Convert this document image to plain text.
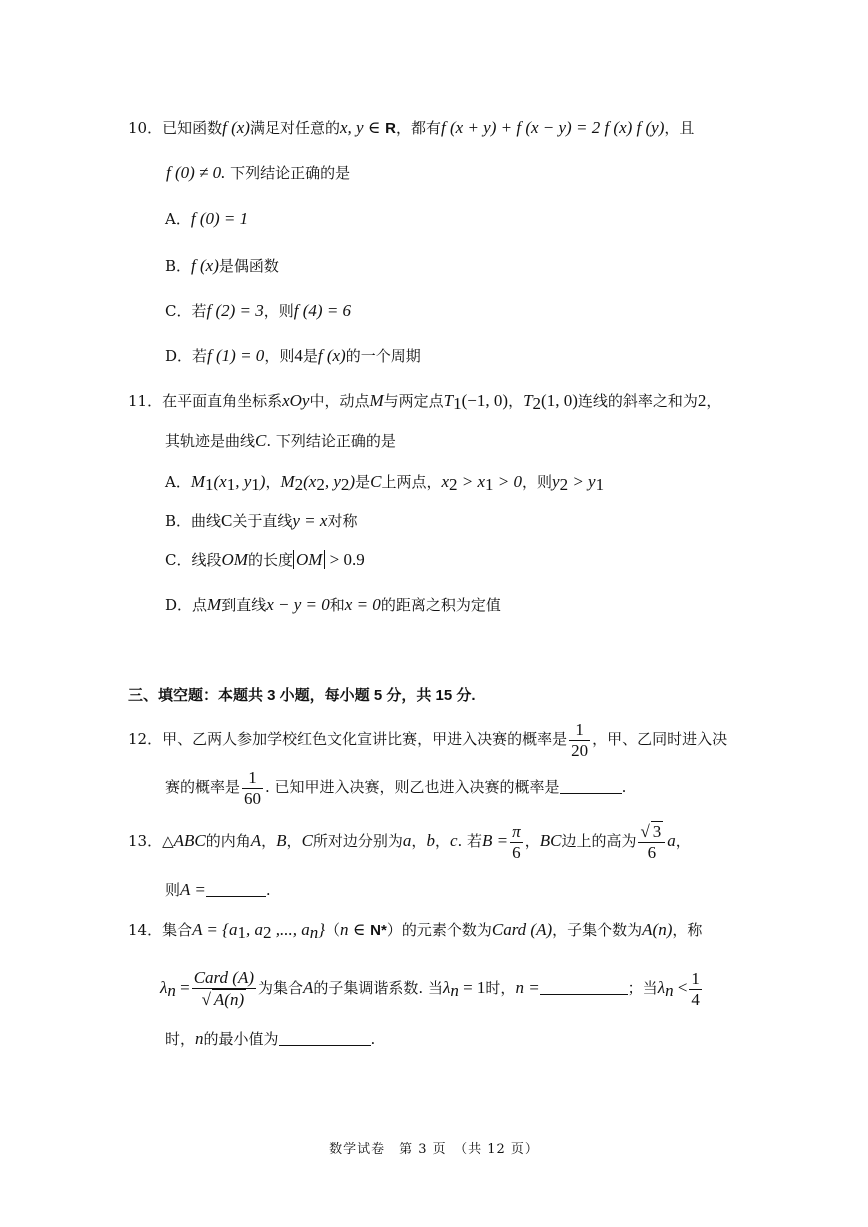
10．已知函数f (x)满足对任意的x, y ∈ R，都有f (x + y) + f (x − y) = 2 f (x) f (y)，且
f (0) ≠ 0. 下列结论正确的是
A．f (0) = 1
B．f (x)是偶函数
C．若f (2) = 3，则f (4) = 6
D．若f (1) = 0，则4是f (x)的一个周期
11．在平面直角坐标系xOy中，动点M与两定点$T_1(-1$, 0)，$T_2(1$, 0)连线的斜率之和为2，
其轨迹是曲线C. 下列结论正确的是
A．$M_1(x_1$, $y_1$)，$M_2(x_2$, $y_2$)是C上两点，$x_2 > x_1 > 0$，则$y_2 > y_1$
B．曲线C关于直线y = x对称
C．线段OM的长度 OM > 0.9
D．点M到直线x − y = 0和x = 0的距离之积为定值
三、填空题：本题共 3 小题，每小题 5 分，共 15 分.
12．甲、乙两人参加学校红色文化宣讲比赛，甲进入决赛的概率是 $\frac{1}{20}$ ，甲、乙同时进入决
赛的概率是 $\frac{1}{60}$ . 已知甲进入决赛，则乙也进入决赛的概率是	.
13．△ABC的内角A，B，C所对边分别为a，b，c. 若$B = \frac{\pi}{6}$ ，BC边上的高为 $\frac{√ 3}{6}$ a，
则A =	.
14．集合$A = \{a_1$, $a_2$ ,..., $a_n\}(n$ ∈ N*）的元素个数为Card (A)，子集个数为A(n)，称
$\lambda_n = \frac{\text{Card (A)}}{√ A(n)}$ 为集合A的子集调谐系数. 当$\lambda_n = 1$时，n =	；当$\lambda_n < \frac{1}{4}$
时，n的最小值为	.
数学试卷　第 3 页　（共 12 页）
